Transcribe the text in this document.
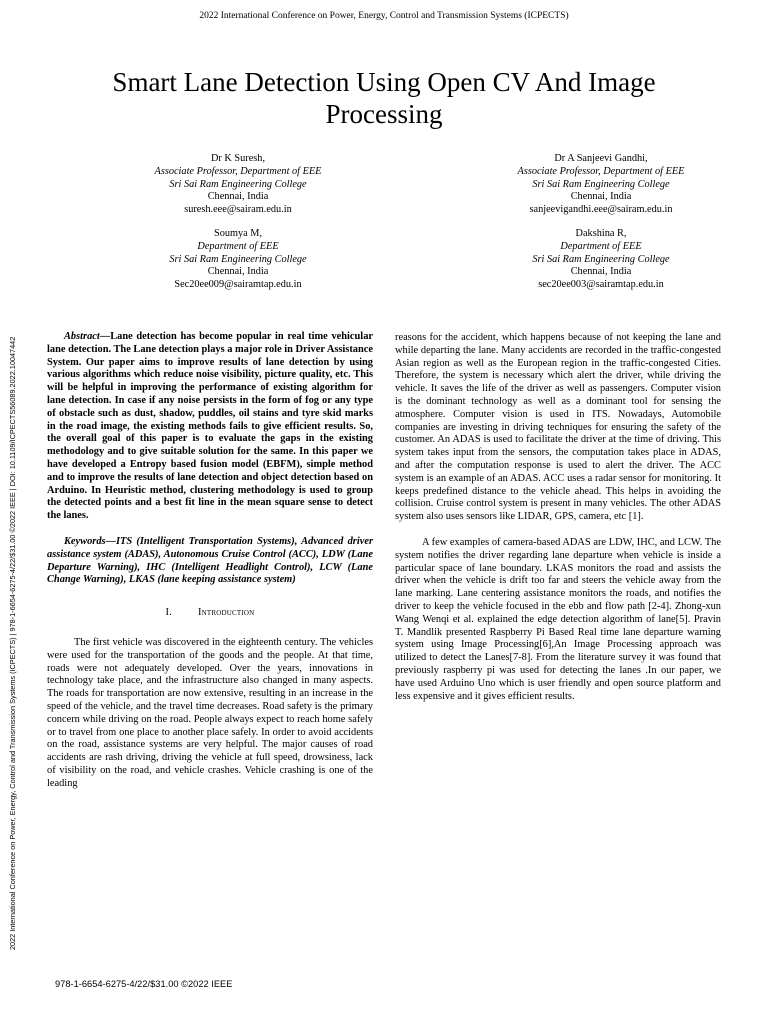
2022 International Conference on Power, Energy, Control and Transmission Systems (ICPECTS)
2022 International Conference on Power, Energy, Control and Transmission Systems (ICPECTS) | 978-1-6654-6275-4/22/$31.00 ©2022 IEEE | DOI: 10.1109/ICPECTS56089.2022.10047442
Smart Lane Detection Using Open CV And Image
Processing
Dr K Suresh,
Associate Professor, Department of EEE
Sri Sai Ram Engineering College
Chennai, India
suresh.eee@sairam.edu.in
Dr A Sanjeevi Gandhi,
Associate Professor, Department of EEE
Sri Sai Ram Engineering College
Chennai, India
sanjeevigandhi.eee@sairam.edu.in
Soumya M,
Department of EEE
Sri Sai Ram Engineering College
Chennai, India
Sec20ee009@sairamtap.edu.in
Dakshina R,
Department of EEE
Sri Sai Ram Engineering College
Chennai, India
sec20ee003@sairamtap.edu.in

Abstract—Lane detection has become popular in real time vehicular lane detection. The Lane detection plays a major role in Driver Assistance System. Our paper aims to improve results of lane detection by using various algorithms which reduce noise visibility, picture quality, etc. This will be helpful in improving the performance of existing algorithm for lane detection. In case if any noise persists in the form of fog or any type of obstacle such as dust, shadow, puddles, oil stains and tyre skid marks in the road image, the existing methods fails to give efficient results. So, the overall goal of this paper is to evaluate the gaps in the existing methodology and to give suitable solution for the same. In this paper we have developed a Entropy based fusion model (EBFM), simple method and to improve the results of lane detection and object detection based on Arduino. In Heuristic method, clustering methodology is used to group the detected points and a best fit line in the mean square sense to detect the lanes.

Keywords—ITS (Intelligent Transportation Systems), Advanced driver assistance system (ADAS), Autonomous Cruise Control (ACC), LDW (Lane Departure Warning), IHC (Intelligent Headlight Control), LCW (Lane Change Warning), LKAS (lane keeping assistance system)

I.	Introduction

The first vehicle was discovered in the eighteenth century. The vehicles were used for the transportation of the goods and the people. At that time, roads were not adequately developed. Over the years, innovations in technology take place, and the infrastructure also changed in many aspects. The roads for transportation are now extensive, resulting in an increase in the speed of the vehicle, and the travel time decreases. Road safety is the primary concern while driving on the road. People always expect to reach home safely or to travel from one place to another place safely. In order to avoid accidents on the road, assistance systems are very helpful. The major causes of road accidents are rash driving, driving the vehicle at full speed, drowsiness, lack of visibility on the road, and vehicle crashes. Vehicle crashing is one of the leading

reasons for the accident, which happens because of not keeping the lane and while departing the lane. Many accidents are recorded in the traffic-congested Asian region as well as the European region in the traffic-congested Cities. Therefore, the system is necessary which alert the driver, while driving the vehicle. It saves the life of the driver as well as passengers. Computer vision is the dominant technology as well as a dominant tool for sensing the atmosphere. Computer vision is used in ITS. Nowadays, Automobile companies are investing in driving techniques for ensuring the safety of the customer. An ADAS is used to facilitate the driver at the time of driving. This system takes input from the sensors, the computation takes place in ADAS, and after the computation response is used to alert the driver. The ACC system is an example of an ADAS. ACC uses a radar sensor for monitoring. It keeps predefined distance to the vehicle ahead. This helps in avoiding the collision. Cruise control system is present in many vehicles. The other ADAS system also uses sensors like LIDAR, GPS, camera, etc [1].

A few examples of camera-based ADAS are LDW, IHC, and LCW. The system notifies the driver regarding lane departure when vehicle is inside a particular space of lane boundary. LKAS monitors the road and assists the driver when the vehicle is drift too far and steers the vehicle away from the lane marking. Lane centering assistance monitors the roads, and notifies the driver to keep the vehicle focused in the ebb and flow path [2-4]. Zhong-xun Wang Wenqi et al. explained the edge detection algorithm of lane[5]. Pravin T. Mandlik presented Raspberry Pi Based Real time lane departure warning system using Image Processing[6],An Image Processing approach was utilized to detect the Lanes[7-8]. From the literature survey it was found that previously raspberry pi was used for detecting the lanes .In our paper, we have used Arduino Uno which is user friendly and open source platform and less expensive and it gives efficient results.

978-1-6654-6275-4/22/$31.00 ©2022 IEEE
